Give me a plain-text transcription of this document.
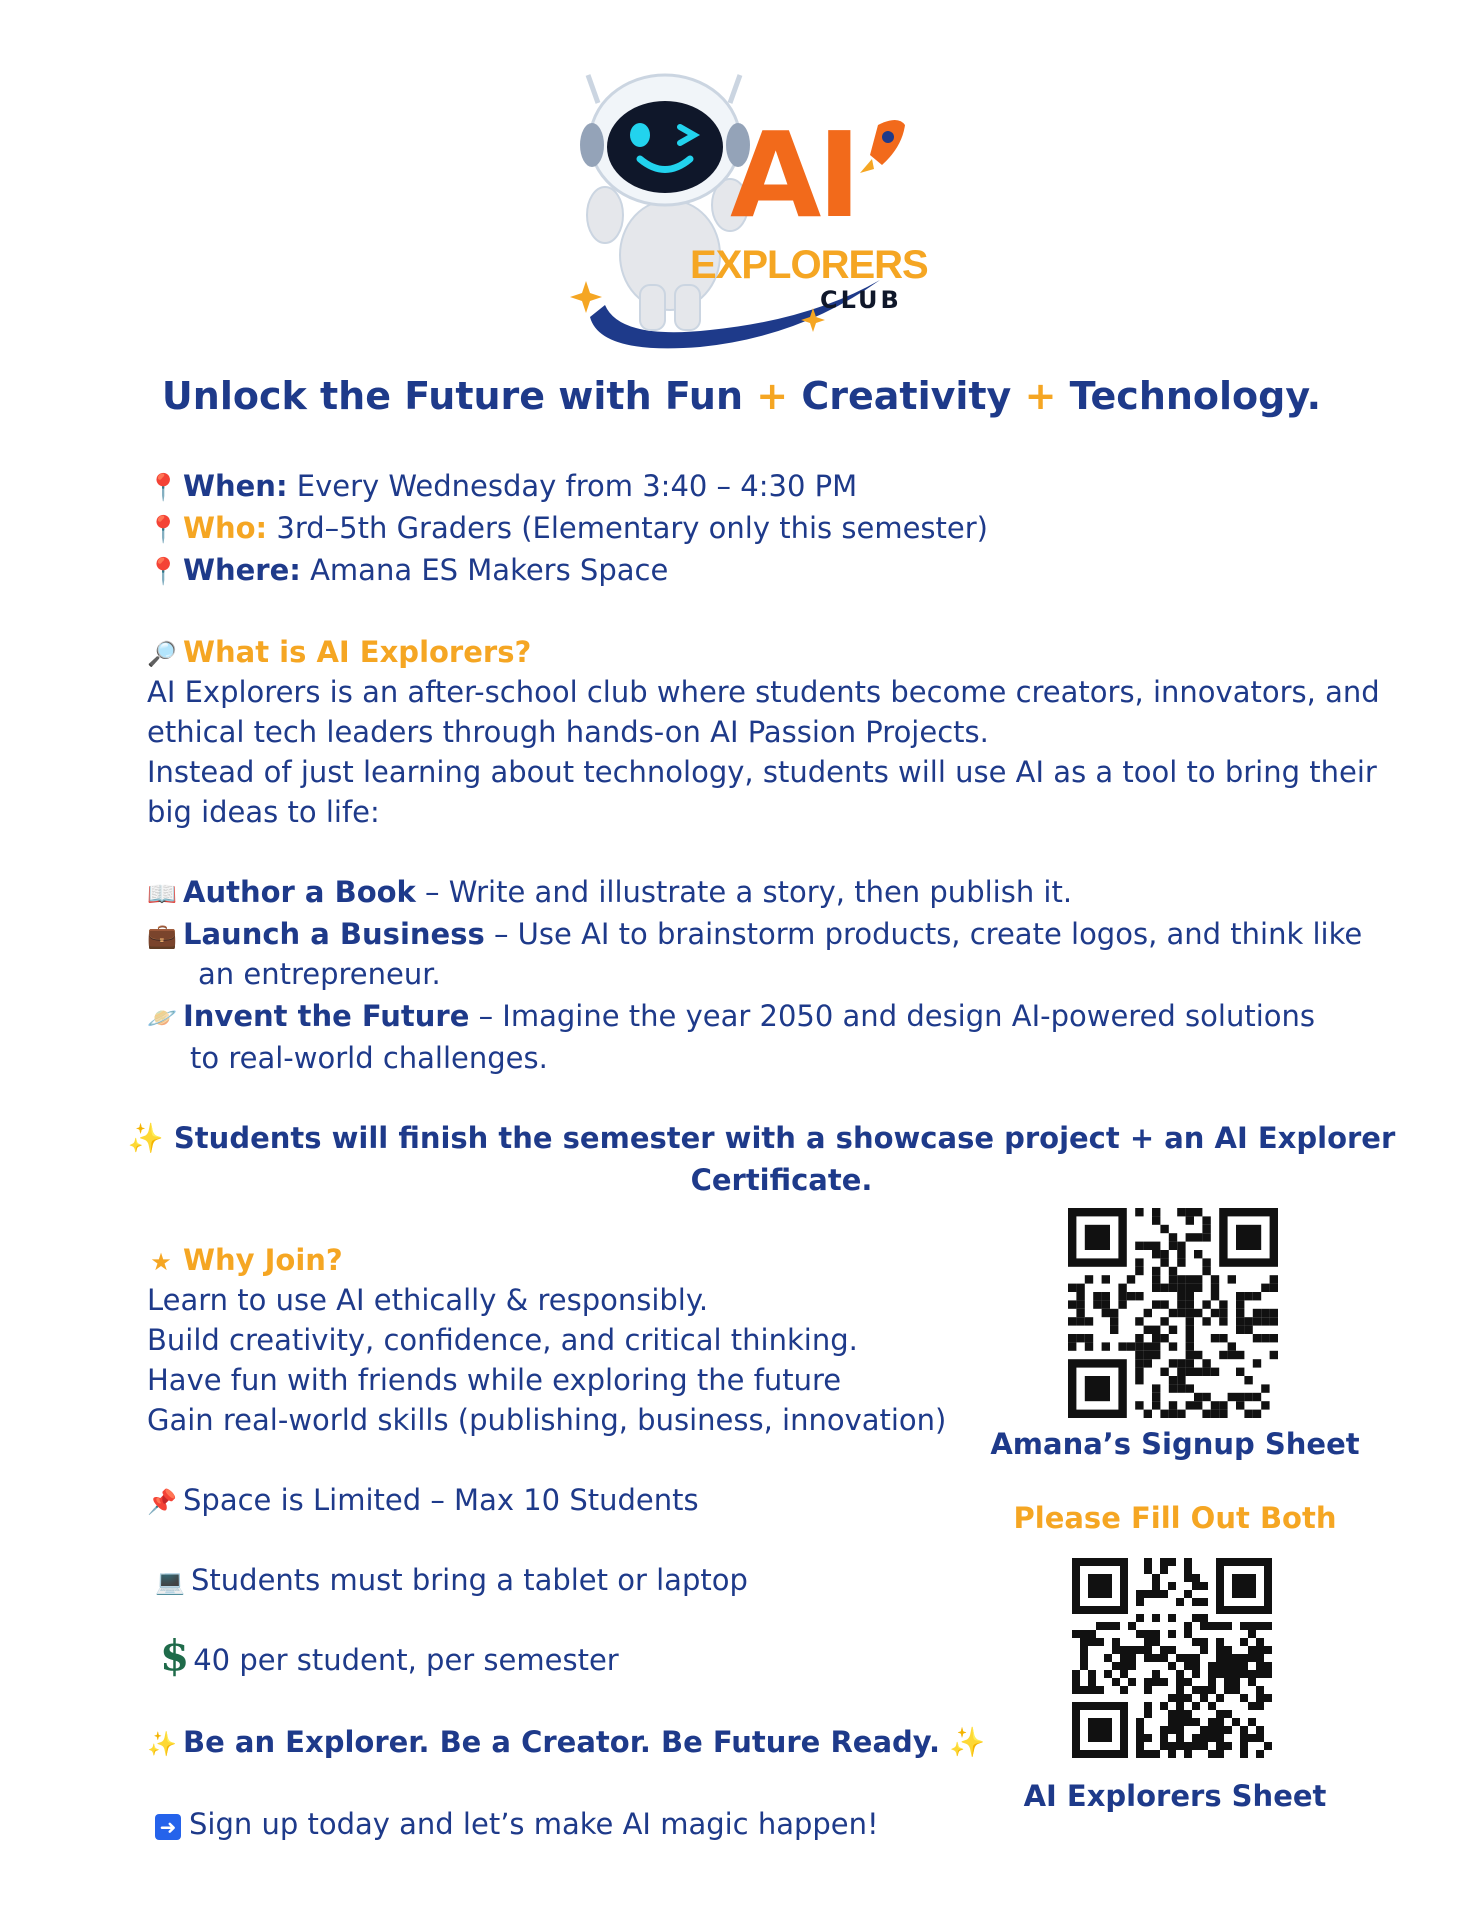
AI
EXPLORERS
CLUB
Unlock the Future with Fun + Creativity + Technology.
📍 When: Every Wednesday from 3:40 – 4:30 PM
📍 Who: 3rd–5th Graders (Elementary only this semester)
📍 Where: Amana ES Makers Space
🔎 What is AI Explorers?
AI Explorers is an after-school club where students become creators, innovators, and
ethical tech leaders through hands-on AI Passion Projects.
Instead of just learning about technology, students will use AI as a tool to bring their
big ideas to life:
📖 Author a Book – Write and illustrate a story, then publish it.
💼 Launch a Business – Use AI to brainstorm products, create logos, and think like
an entrepreneur.
🪐 Invent the Future – Imagine the year 2050 and design AI-powered solutions
to real-world challenges.
✨ Students will finish the semester with a showcase project + an AI Explorer
Certificate.
★ Why Join?
Learn to use AI ethically & responsibly.
Build creativity, confidence, and critical thinking.
Have fun with friends while exploring the future
Gain real-world skills (publishing, business, innovation)
📌 Space is Limited – Max 10 Students
💻 Students must bring a tablet or laptop
$ 40 per student, per semester
✨ Be an Explorer. Be a Creator. Be Future Ready. ✨
➜ Sign up today and let’s make AI magic happen!
Amana’s Signup Sheet
Please Fill Out Both
AI Explorers Sheet
